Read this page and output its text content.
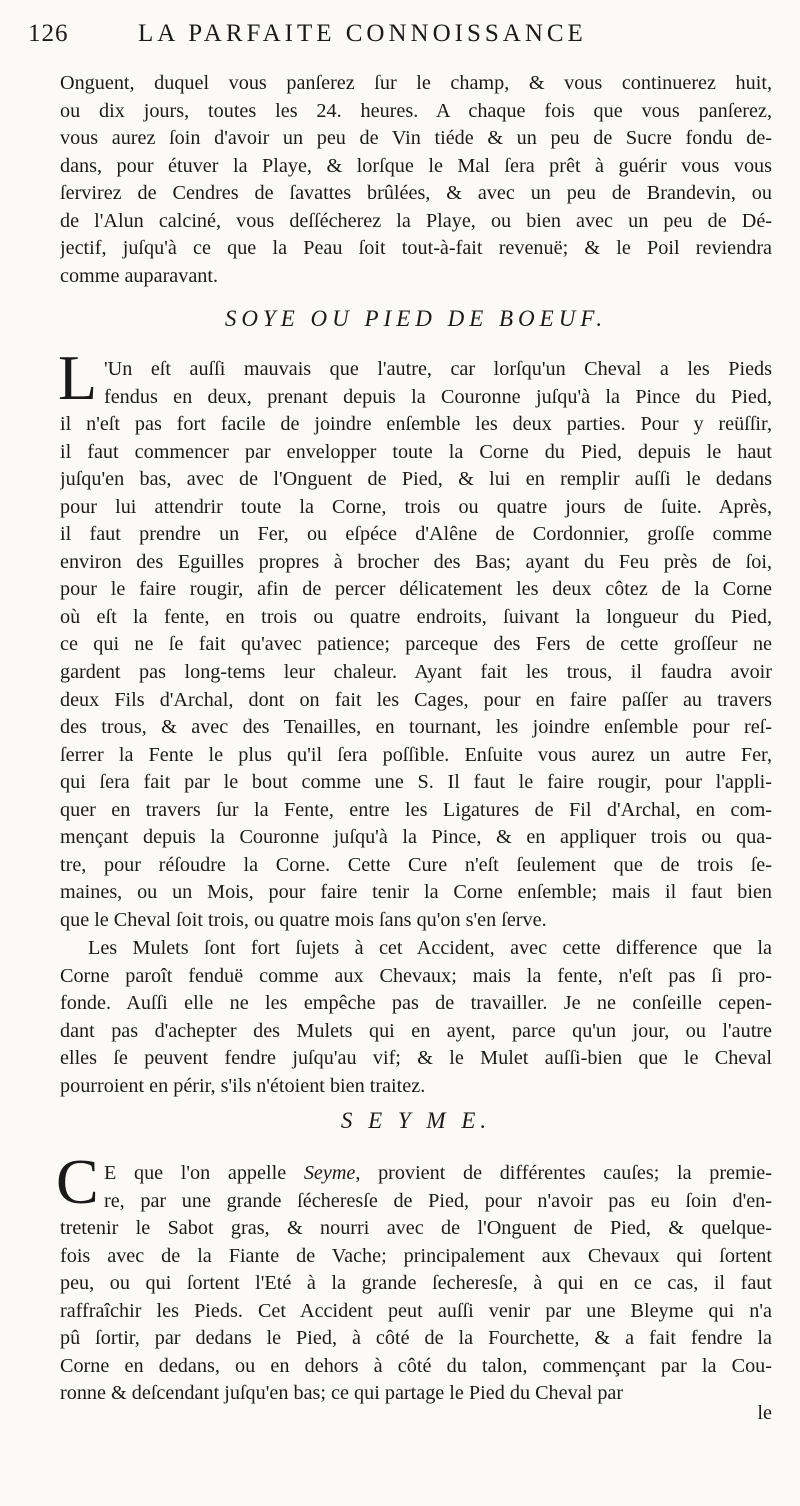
126	LA PARFAITE CONNOISSANCE
Onguent, duquel vous panſerez ſur le champ, & vous continuerez huit,
ou dix jours, toutes les 24. heures. A chaque fois que vous panſerez,
vous aurez ſoin d'avoir un peu de Vin tiéde & un peu de Sucre fondu de-
dans, pour étuver la Playe, & lorſque le Mal ſera prêt à guérir vous vous
ſervirez de Cendres de ſavattes brûlées, & avec un peu de Brandevin, ou
de l'Alun calciné, vous deſſécherez la Playe, ou bien avec un peu de Dé-
jectif, juſqu'à ce que la Peau ſoit tout-à-fait revenuë; & le Poil reviendra
comme auparavant.
SOYE OU PIED DE BOEUF.
L 'Un eſt auſſi mauvais que l'autre, car lorſqu'un Cheval a les Pieds
fendus en deux, prenant depuis la Couronne juſqu'à la Pince du Pied,
il n'eſt pas fort facile de joindre enſemble les deux parties. Pour y reüſſir,
il faut commencer par envelopper toute la Corne du Pied, depuis le haut
juſqu'en bas, avec de l'Onguent de Pied, & lui en remplir auſſi le dedans
pour lui attendrir toute la Corne, trois ou quatre jours de ſuite. Après,
il faut prendre un Fer, ou eſpéce d'Alêne de Cordonnier, groſſe comme
environ des Eguilles propres à brocher des Bas; ayant du Feu près de ſoi,
pour le faire rougir, afin de percer délicatement les deux côtez de la Corne
où eſt la fente, en trois ou quatre endroits, ſuivant la longueur du Pied,
ce qui ne ſe fait qu'avec patience; parceque des Fers de cette groſſeur ne
gardent pas long-tems leur chaleur. Ayant fait les trous, il faudra avoir
deux Fils d'Archal, dont on fait les Cages, pour en faire paſſer au travers
des trous, & avec des Tenailles, en tournant, les joindre enſemble pour reſ-
ſerrer la Fente le plus qu'il ſera poſſible. Enſuite vous aurez un autre Fer,
qui ſera fait par le bout comme une S. Il faut le faire rougir, pour l'appli-
quer en travers ſur la Fente, entre les Ligatures de Fil d'Archal, en com-
mençant depuis la Couronne juſqu'à la Pince, & en appliquer trois ou qua-
tre, pour réſoudre la Corne. Cette Cure n'eſt ſeulement que de trois ſe-
maines, ou un Mois, pour faire tenir la Corne enſemble; mais il faut bien
que le Cheval ſoit trois, ou quatre mois ſans qu'on s'en ſerve.
Les Mulets ſont fort ſujets à cet Accident, avec cette difference que la
Corne paroît fenduë comme aux Chevaux; mais la fente, n'eſt pas ſi pro-
fonde. Auſſi elle ne les empêche pas de travailler. Je ne conſeille cepen-
dant pas d'achepter des Mulets qui en ayent, parce qu'un jour, ou l'autre
elles ſe peuvent fendre juſqu'au vif; & le Mulet auſſi-bien que le Cheval
pourroient en périr, s'ils n'étoient bien traitez.
S E Y M E.
C E que l'on appelle Seyme, provient de différentes cauſes; la premie-
re, par une grande ſécheresſe de Pied, pour n'avoir pas eu ſoin d'en-
tretenir le Sabot gras, & nourri avec de l'Onguent de Pied, & quelque-
fois avec de la Fiante de Vache; principalement aux Chevaux qui ſortent
peu, ou qui ſortent l'Eté à la grande ſecheresſe, à qui en ce cas, il faut
raffraîchir les Pieds. Cet Accident peut auſſi venir par une Bleyme qui n'a
pû ſortir, par dedans le Pied, à côté de la Fourchette, & a fait fendre la
Corne en dedans, ou en dehors à côté du talon, commençant par la Cou-
ronne & deſcendant juſqu'en bas; ce qui partage le Pied du Cheval par
le
